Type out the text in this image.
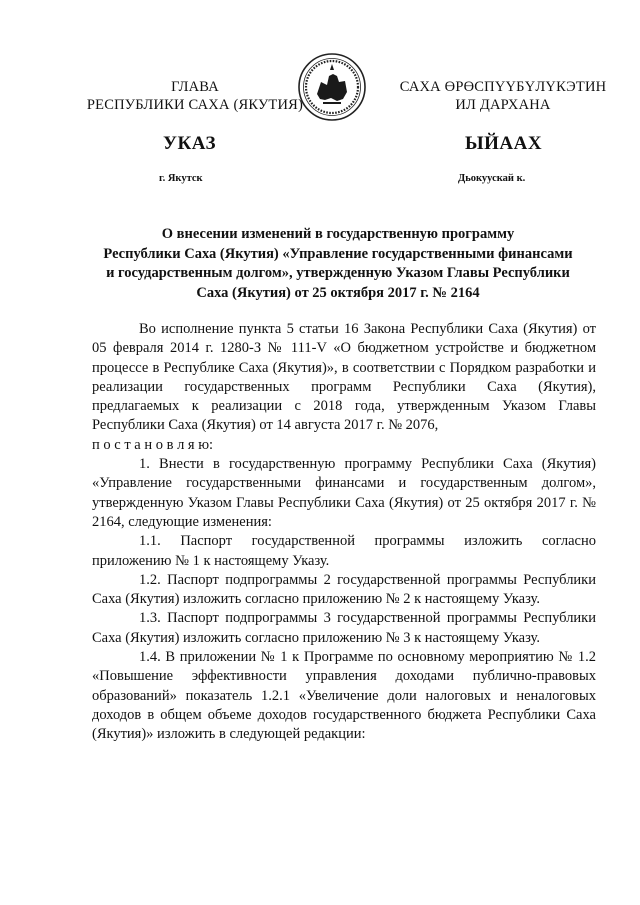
ГЛАВА
РЕСПУБЛИКИ САХА (ЯКУТИЯ)
САХА ӨРӨСПҮҮБҮЛҮКЭТИН
ИЛ ДАРХАНА
УКАЗ	ЫЙААХ
г. Якутск	Дьокуускай к.
О внесении изменений в государственную программу
Республики Саха (Якутия) «Управление государственными финансами
и государственным долгом», утвержденную Указом Главы Республики
Саха (Якутия) от 25 октября 2017 г. № 2164

Во исполнение пункта 5 статьи 16 Закона Республики Саха (Якутия) от 05 февраля 2014 г. 1280-З № 111-V «О бюджетном устройстве и бюджетном процессе в Республике Саха (Якутия)», в соответствии с Порядком разработки и реализации государственных программ Республики Саха (Якутия), предлагаемых к реализации с 2018 года, утвержденным Указом Главы Республики Саха (Якутия) от 14 августа 2017 г. № 2076,

п о с т а н о в л я ю:

1. Внести в государственную программу Республики Саха (Якутия) «Управление государственными финансами и государственным долгом», утвержденную Указом Главы Республики Саха (Якутия) от 25 октября 2017 г. № 2164, следующие изменения:

1.1. Паспорт государственной программы изложить согласно приложению № 1 к настоящему Указу.

1.2. Паспорт подпрограммы 2 государственной программы Республики Саха (Якутия) изложить согласно приложению № 2 к настоящему Указу.

1.3. Паспорт подпрограммы 3 государственной программы Республики Саха (Якутия) изложить согласно приложению № 3 к настоящему Указу.

1.4. В приложении № 1 к Программе по основному мероприятию № 1.2 «Повышение эффективности управления доходами публично-правовых образований» показатель 1.2.1 «Увеличение доли налоговых и неналоговых доходов в общем объеме доходов государственного бюджета Республики Саха (Якутия)» изложить в следующей редакции:
